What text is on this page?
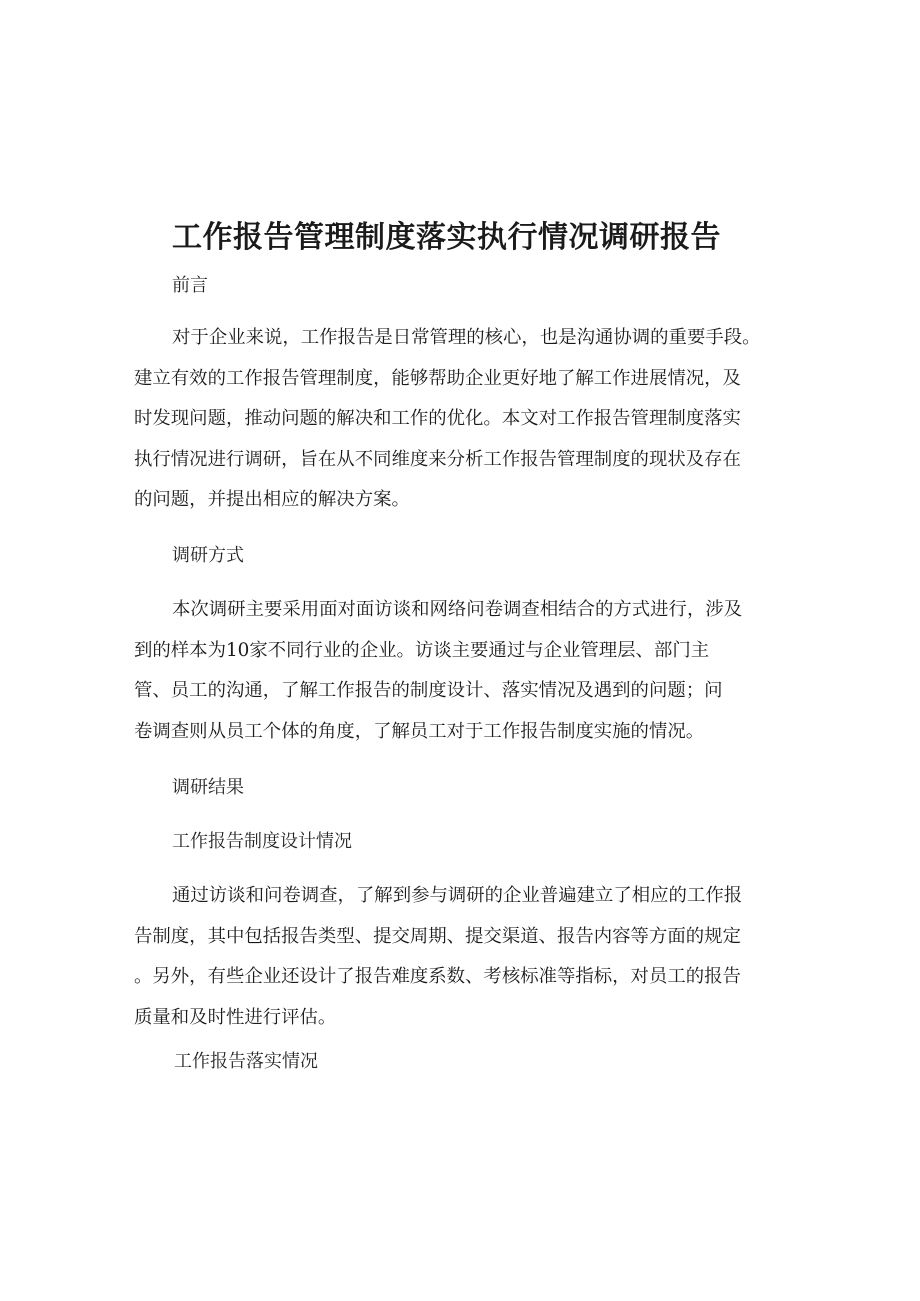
工作报告管理制度落实执行情况调研报告
前言
对于企业来说，工作报告是日常管理的核心，也是沟通协调的重要手段。
建立有效的工作报告管理制度，能够帮助企业更好地了解工作进展情况，及
时发现问题，推动问题的解决和工作的优化。本文对工作报告管理制度落实
执行情况进行调研，旨在从不同维度来分析工作报告管理制度的现状及存在
的问题，并提出相应的解决方案。
调研方式
本次调研主要采用面对面访谈和网络问卷调查相结合的方式进行，涉及
到的样本为10家不同行业的企业。访谈主要通过与企业管理层、部门主
管、员工的沟通，了解工作报告的制度设计、落实情况及遇到的问题；问
卷调查则从员工个体的角度，了解员工对于工作报告制度实施的情况。
调研结果
工作报告制度设计情况
通过访谈和问卷调查，了解到参与调研的企业普遍建立了相应的工作报
告制度，其中包括报告类型、提交周期、提交渠道、报告内容等方面的规定
。另外，有些企业还设计了报告难度系数、考核标准等指标，对员工的报告
质量和及时性进行评估。
工作报告落实情况
